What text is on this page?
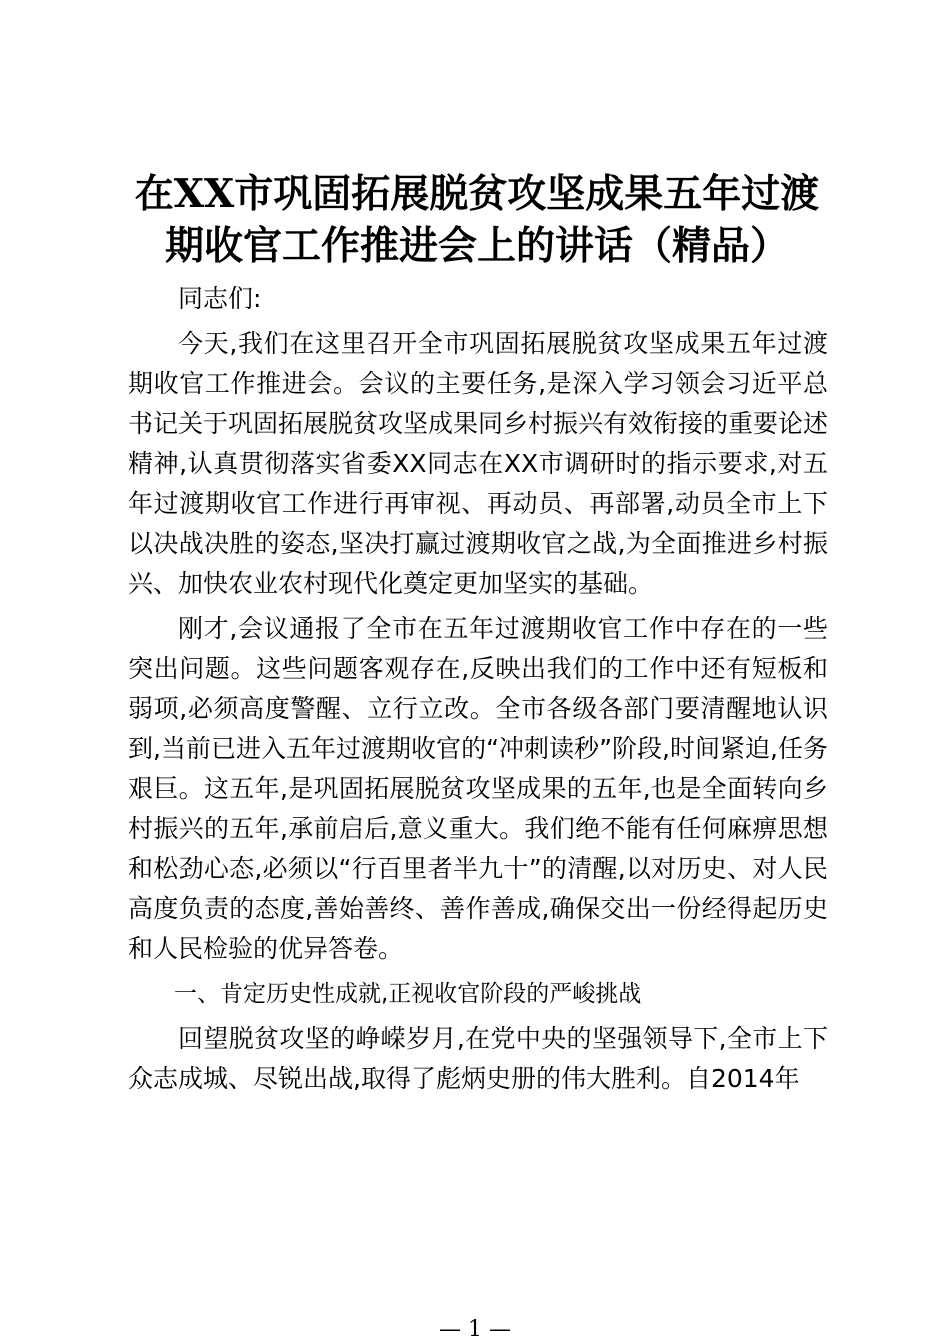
在XX市巩固拓展脱贫攻坚成果五年过渡期收官工作推进会上的讲话（精品）

同志们:

今天,我们在这里召开全市巩固拓展脱贫攻坚成果五年过渡期收官工作推进会。会议的主要任务,是深入学习领会习近平总书记关于巩固拓展脱贫攻坚成果同乡村振兴有效衔接的重要论述精神,认真贯彻落实省委XX同志在XX市调研时的指示要求,对五年过渡期收官工作进行再审视、再动员、再部署,动员全市上下以决战决胜的姿态,坚决打赢过渡期收官之战,为全面推进乡村振兴、加快农业农村现代化奠定更加坚实的基础。

刚才,会议通报了全市在五年过渡期收官工作中存在的一些突出问题。这些问题客观存在,反映出我们的工作中还有短板和弱项,必须高度警醒、立行立改。全市各级各部门要清醒地认识到,当前已进入五年过渡期收官的“冲刺读秒”阶段,时间紧迫,任务艰巨。这五年,是巩固拓展脱贫攻坚成果的五年,也是全面转向乡村振兴的五年,承前启后,意义重大。我们绝不能有任何麻痹思想和松劲心态,必须以“行百里者半九十”的清醒,以对历史、对人民高度负责的态度,善始善终、善作善成,确保交出一份经得起历史和人民检验的优异答卷。

一、肯定历史性成就,正视收官阶段的严峻挑战

回望脱贫攻坚的峥嵘岁月,在党中央的坚强领导下,全市上下众志成城、尽锐出战,取得了彪炳史册的伟大胜利。自2014年

— 1 —
